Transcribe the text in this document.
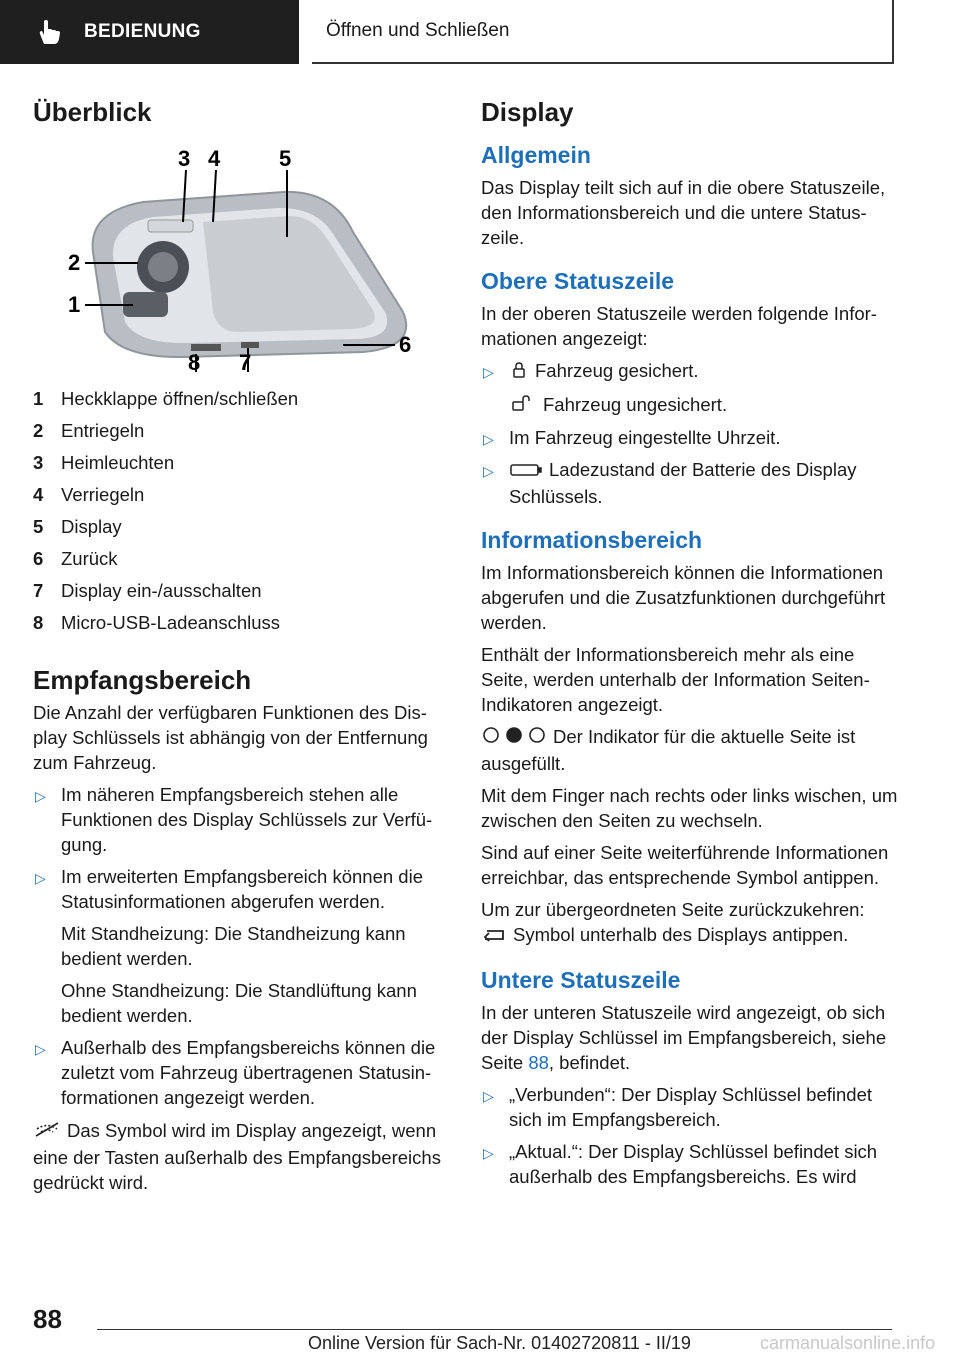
BEDIENUNG	Öffnen und Schließen
Überblick
1
2
3 4	5
6
7
8
1 Heckklappe öffnen/schließen
2 Entriegeln
3 Heimleuchten
4 Verriegeln
5 Display
6 Zurück
7 Display ein-/ausschalten
8 Micro-USB-Ladeanschluss
Empfangsbereich

Die Anzahl der verfügbaren Funktionen des Display Schlüssels ist abhängig von der Entfernung zum Fahrzeug.

▷ Im näheren Empfangsbereich stehen alle Funktionen des Display Schlüssels zur Verfügung.
▷ Im erweiterten Empfangsbereich können die Statusinformationen abgerufen werden.
Mit Standheizung: Die Standheizung kann bedient werden.
Ohne Standheizung: Die Standlüftung kann bedient werden.
▷ Außerhalb des Empfangsbereichs können die zuletzt vom Fahrzeug übertragenen Statusinformationen angezeigt werden.

Das Symbol wird im Display angezeigt, wenn eine der Tasten außerhalb des Empfangsbereichs gedrückt wird.

Display
Allgemein

Das Display teilt sich auf in die obere Statuszeile, den Informationsbereich und die untere Statuszeile.

Obere Statuszeile

In der oberen Statuszeile werden folgende Informationen angezeigt:

▷ Fahrzeug gesichert.
Fahrzeug ungesichert.
▷ Im Fahrzeug eingestellte Uhrzeit.
▷	Ladezustand der Batterie des Display Schlüssels.
Informationsbereich

Im Informationsbereich können die Informationen abgerufen und die Zusatzfunktionen durchgeführt werden.

Enthält der Informationsbereich mehr als eine Seite, werden unterhalb der Information Seiten-Indikatoren angezeigt.

Der Indikator für die aktuelle Seite ist ausgefüllt.

Mit dem Finger nach rechts oder links wischen, um zwischen den Seiten zu wechseln.

Sind auf einer Seite weiterführende Informationen erreichbar, das entsprechende Symbol antippen.

Um zur übergeordneten Seite zurückzukehren:
Symbol unterhalb des Displays antippen.

Untere Statuszeile

In der unteren Statuszeile wird angezeigt, ob sich der Display Schlüssel im Empfangsbereich, siehe Seite 88, befindet.

▷ „Verbunden“: Der Display Schlüssel befindet sich im Empfangsbereich.
▷ „Aktual.“: Der Display Schlüssel befindet sich außerhalb des Empfangsbereichs. Es wird
88
Online Version für Sach-Nr. 01402720811 - II/19	carmanualsonline.info
